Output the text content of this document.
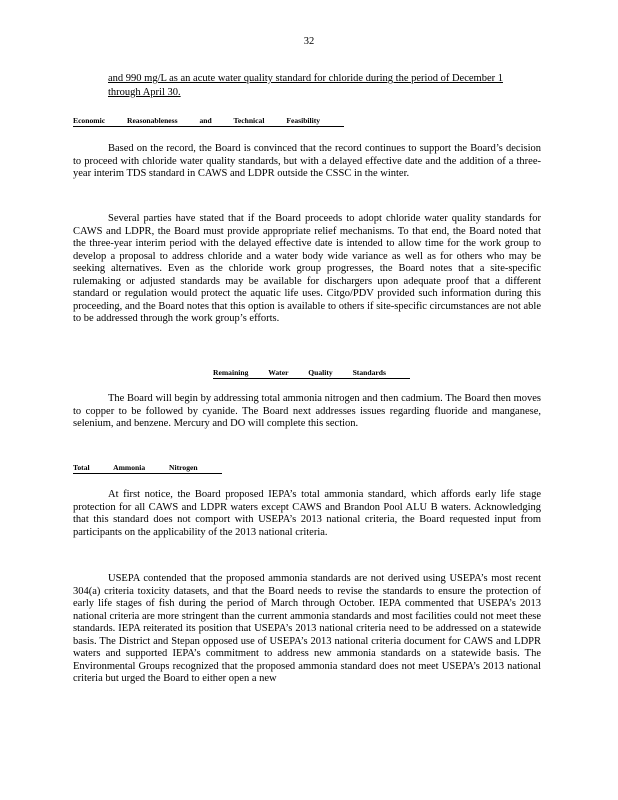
32
and 990 mg/L as an acute water quality standard for chloride during the period of December 1 through April 30.
Economic Reasonableness and Technical Feasibility

Based on the record, the Board is convinced that the record continues to support the Board’s decision to proceed with chloride water quality standards, but with a delayed effective date and the addition of a three-year interim TDS standard in CAWS and LDPR outside the CSSC in the winter.

Several parties have stated that if the Board proceeds to adopt chloride water quality standards for CAWS and LDPR, the Board must provide appropriate relief mechanisms. To that end, the Board noted that the three-year interim period with the delayed effective date is intended to allow time for the work group to develop a proposal to address chloride and a water body wide variance as well as for others who may be seeking alternatives. Even as the chloride work group progresses, the Board notes that a site-specific rulemaking or adjusted standards may be available for dischargers upon adequate proof that a different standard or regulation would protect the aquatic life uses. Citgo/PDV provided such information during this proceeding, and the Board notes that this option is available to others if site-specific circumstances are not able to be addressed through the work group’s efforts.

Remaining Water Quality Standards

The Board will begin by addressing total ammonia nitrogen and then cadmium. The Board then moves to copper to be followed by cyanide. The Board next addresses issues regarding fluoride and manganese, selenium, and benzene. Mercury and DO will complete this section.

Total Ammonia Nitrogen

At first notice, the Board proposed IEPA’s total ammonia standard, which affords early life stage protection for all CAWS and LDPR waters except CAWS and Brandon Pool ALU B waters. Acknowledging that this standard does not comport with USEPA’s 2013 national criteria, the Board requested input from participants on the applicability of the 2013 national criteria.

USEPA contended that the proposed ammonia standards are not derived using USEPA’s most recent 304(a) criteria toxicity datasets, and that the Board needs to revise the standards to ensure the protection of early life stages of fish during the period of March through October. IEPA commented that USEPA’s 2013 national criteria are more stringent than the current ammonia standards and most facilities could not meet these standards. IEPA reiterated its position that USEPA’s 2013 national criteria need to be addressed on a statewide basis. The District and Stepan opposed use of USEPA’s 2013 national criteria document for CAWS and LDPR waters and supported IEPA’s commitment to address new ammonia standards on a statewide basis. The Environmental Groups recognized that the proposed ammonia standard does not meet USEPA’s 2013 national criteria but urged the Board to either open a new
